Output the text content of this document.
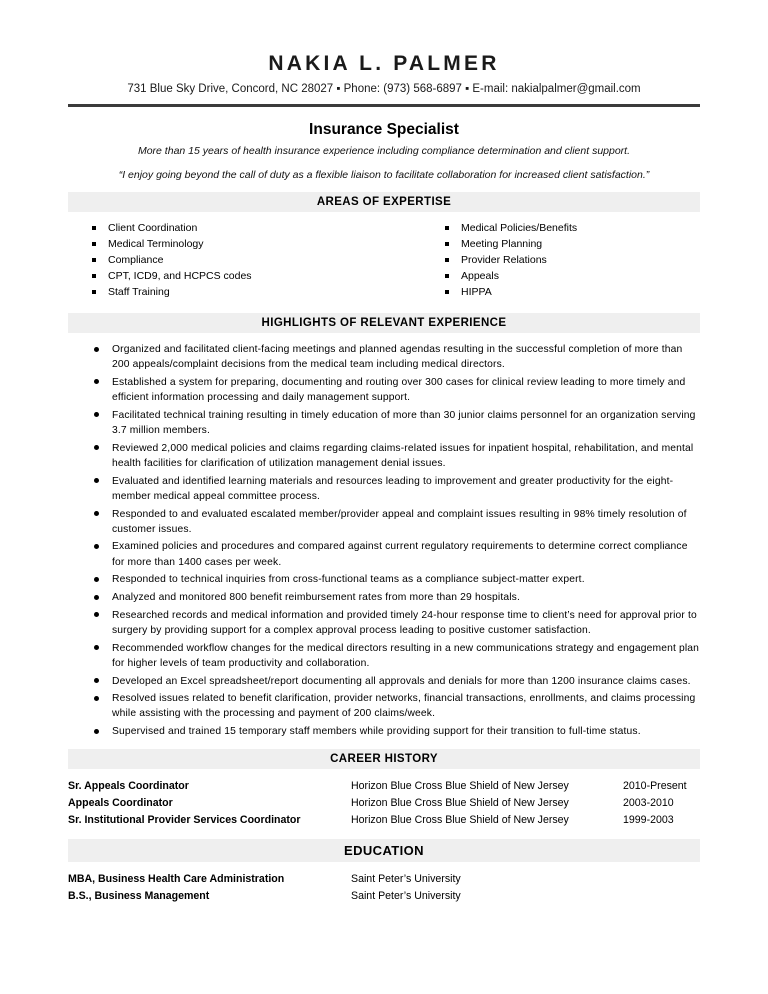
NAKIA L. PALMER
731 Blue Sky Drive, Concord, NC 28027 ▪ Phone: (973) 568-6897 ▪ E-mail: nakialpalmer@gmail.com
Insurance Specialist
More than 15 years of health insurance experience including compliance determination and client support.
“I enjoy going beyond the call of duty as a flexible liaison to facilitate collaboration for increased client satisfaction.”
AREAS OF EXPERTISE
Client Coordination
Medical Terminology
Compliance
CPT, ICD9, and HCPCS codes
Staff Training
Medical Policies/Benefits
Meeting Planning
Provider Relations
Appeals
HIPPA
HIGHLIGHTS OF RELEVANT EXPERIENCE
Organized and facilitated client-facing meetings and planned agendas resulting in the successful completion of more than 200 appeals/complaint decisions from the medical team including medical directors.
Established a system for preparing, documenting and routing over 300 cases for clinical review leading to more timely and efficient information processing and daily management support.
Facilitated technical training resulting in timely education of more than 30 junior claims personnel for an organization serving 3.7 million members.
Reviewed 2,000 medical policies and claims regarding claims-related issues for inpatient hospital, rehabilitation, and mental health facilities for clarification of utilization management denial issues.
Evaluated and identified learning materials and resources leading to improvement and greater productivity for the eight-member medical appeal committee process.
Responded to and evaluated escalated member/provider appeal and complaint issues resulting in 98% timely resolution of customer issues.
Examined policies and procedures and compared against current regulatory requirements to determine correct compliance for more than 1400 cases per week.
Responded to technical inquiries from cross-functional teams as a compliance subject-matter expert.
Analyzed and monitored 800 benefit reimbursement rates from more than 29 hospitals.
Researched records and medical information and provided timely 24-hour response time to client’s need for approval prior to surgery by providing support for a complex approval process leading to positive customer satisfaction.
Recommended workflow changes for the medical directors resulting in a new communications strategy and engagement plan for higher levels of team productivity and collaboration.
Developed an Excel spreadsheet/report documenting all approvals and denials for more than 1200 insurance claims cases.
Resolved issues related to benefit clarification, provider networks, financial transactions, enrollments, and claims processing while assisting with the processing and payment of 200 claims/week.
Supervised and trained 15 temporary staff members while providing support for their transition to full-time status.
CAREER HISTORY
Sr. Appeals Coordinator	Horizon Blue Cross Blue Shield of New Jersey	2010-Present
Appeals Coordinator	Horizon Blue Cross Blue Shield of New Jersey	2003-2010
Sr. Institutional Provider Services Coordinator	Horizon Blue Cross Blue Shield of New Jersey	1999-2003
EDUCATION
MBA, Business Health Care Administration	Saint Peter’s University
B.S., Business Management	Saint Peter’s University
